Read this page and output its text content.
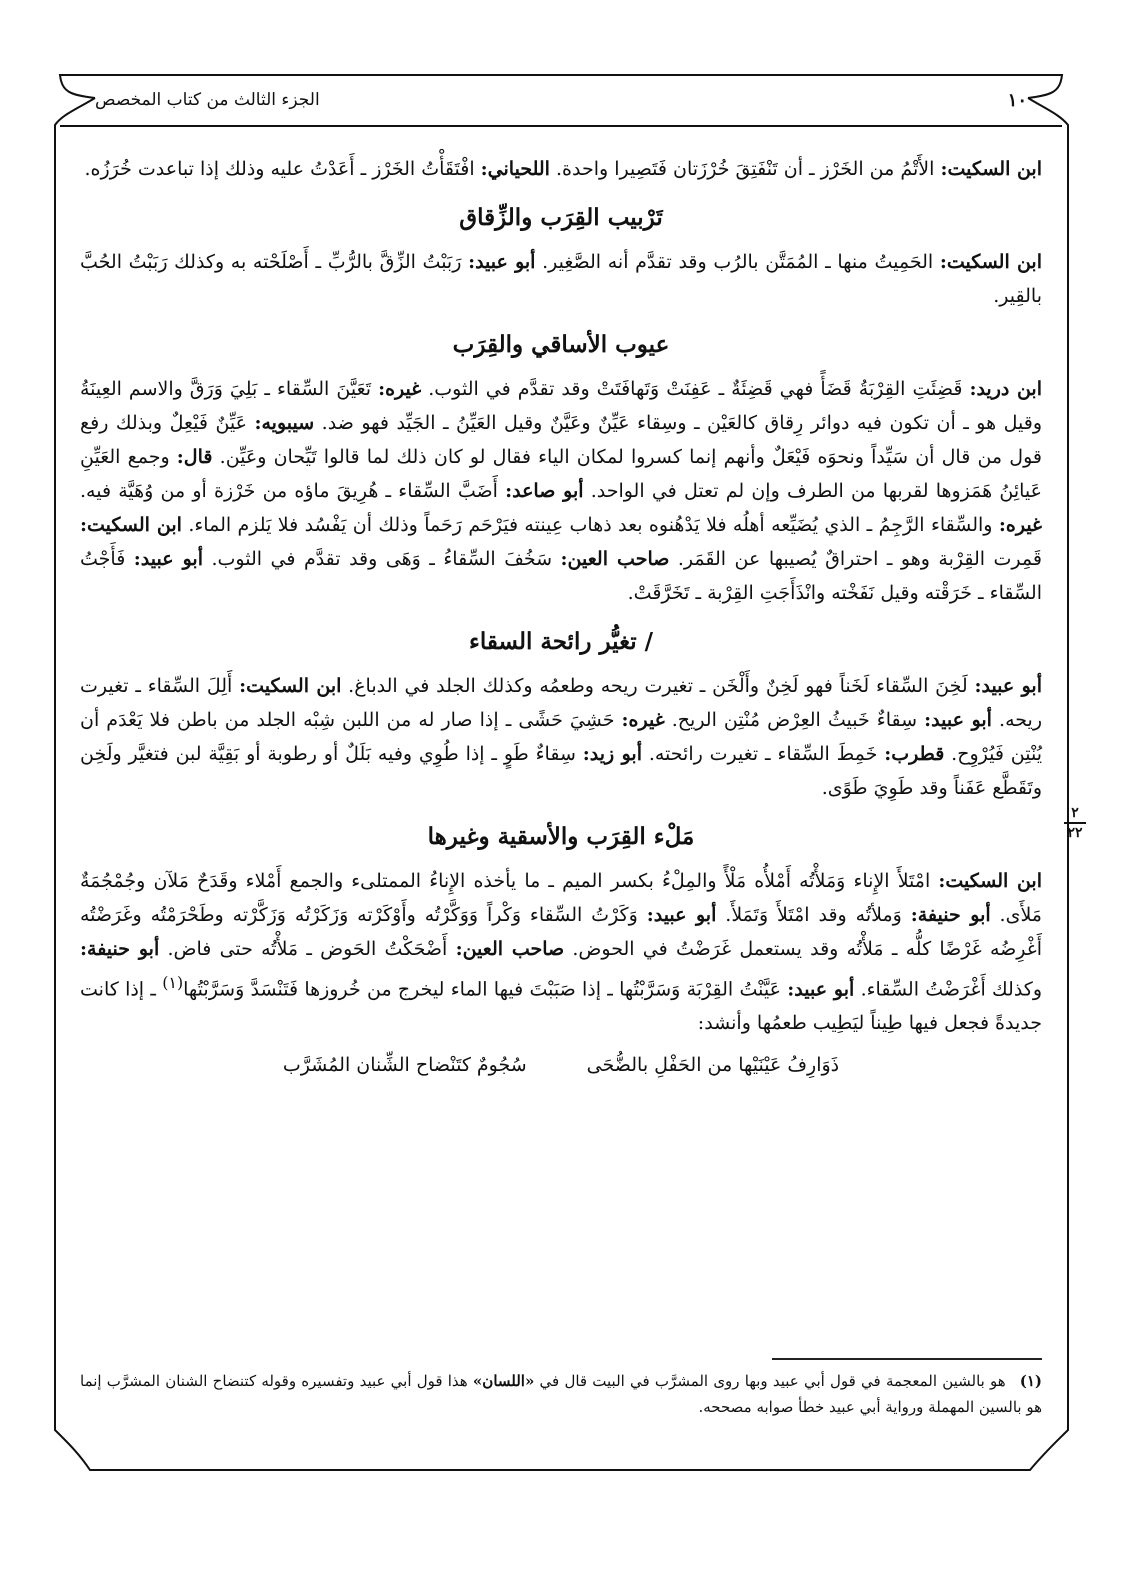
١٠
الجزء الثالث من كتاب المخصص
٢
٢٢

ابن السكيت: الأَتْمُ من الخَرْز ـ أن تَنْفَتِقَ خُرْزَتان فَتَصِيرا واحدة. اللحياني: افْتَقَأْتُ الخَرْز ـ أَعَدْتُ عليه وذلك إذا تباعدت خُرَزُه.

تَرْبيب القِرَب والزِّقاق

ابن السكيت: الحَمِيتُ منها ـ المُمَتَّن بالرُب وقد تقدَّم أنه الصَّغِير. أبو عبيد: رَبَبْتُ الزِّقَّ بالرُّبِّ ـ أَصْلَحْته به وكذلك رَبَبْتُ الحُبَّ بالقِير.

عيوب الأساقي والقِرَب

ابن دريد: قَضِئَتِ القِرْبَةُ قَضَأً فهي قَضِئَةٌ ـ عَفِنَتْ وَتَهافَتَتْ وقد تقدَّم في الثوب. غيره: تَعَيَّنَ السِّقاء ـ بَلِيَ وَرَقَّ والاسم العِينَةُ وقيل هو ـ أن تكون فيه دوائر رِقاق كالعَيْن ـ وسِقاء عَيِّنٌ وعَيَّنٌ وقيل العَيِّنُ ـ الجَيِّد فهو ضد. سيبويه: عَيِّنٌ فَيْعِلٌ وبذلك رفع قول من قال أن سَيِّداً ونحوَه فَيْعَلٌ وأنهم إنما كسروا لمكان الياء فقال لو كان ذلك لما قالوا تَيِّحان وعَيِّن. قال: وجمع العَيِّنِ عَيائِنُ هَمَزوها لقربها من الطرف وإن لم تعتل في الواحد. أبو صاعد: أَضَبَّ السِّقاء ـ هُرِيقَ ماؤه من خَرْزة أو من وُهَيَّة فيه. غيره: والسِّقاء الرَّجِمُ ـ الذي يُضَيِّعه أهلُه فلا يَدْهُنوه بعد ذهاب عِينته فيَرْحَم رَحَماً وذلك أن يَفْسُد فلا يَلزم الماء. ابن السكيت: قَمِرت القِرْبة وهو ـ احتراقٌ يُصيبها عن القَمَر. صاحب العين: سَخُفَ السِّقاءُ ـ وَهَى وقد تقدَّم في الثوب. أبو عبيد: فَأَجْتُ السِّقاء ـ خَرَقْته وقيل نَفَخْته وانْذَأَجَتِ القِرْبة ـ تَخَرَّقَتْ.

/ تغيُّر رائحة السقاء

أبو عبيد: لَخِنَ السِّقاء لَخَناً فهو لَخِنٌ وأَلْخَن ـ تغيرت ريحه وطعمُه وكذلك الجلد في الدباغ. ابن السكيت: أَلِلَ السِّقاء ـ تغيرت ريحه. أبو عبيد: سِقاءٌ خَبيثُ العِرْض مُنْتِن الريح. غيره: حَشِيَ حَشًى ـ إذا صار له من اللبن شِبْه الجلد من باطن فلا يَعْدَم أن يُنْتِن فَيُرْوِح. قطرب: خَمِطَ السِّقاء ـ تغيرت رائحته. أبو زيد: سِقاءٌ طَوٍ ـ إذا طُوِي وفيه بَلَلٌ أو رطوبة أو بَقِيَّة لبن فتغيَّر ولَخِن وتَقَطَّع عَفَناً وقد طَوِيَ طَوًى.

مَلْء القِرَب والأسقية وغيرها

ابن السكيت: امْتَلأَ الإِناء وَمَلأْتُه أَمْلأُه مَلْأً والمِلْءُ بكسر الميم ـ ما يأخذه الإِناءُ الممتلىء والجمع أَمْلاء وقَدَحٌ مَلآن وجُمْجُمَةٌ مَلأَى. أبو حنيفة: وَملأتُه وقد امْتَلأَ وَتَمَلأَ. أبو عبيد: وَكَرْتُ السِّقاء وَكْراً وَوَكَّرْتُه وأَوْكَرْته وَزَكَرْتُه وَزَكَّرْته وطَحْرَمْتُه وغَرَضْتُه أَغْرِضُه غَرْضًا كلُّه ـ مَلأْتُه وقد يستعمل غَرَضْتُ في الحوض. صاحب العين: أَضْحَكْتُ الحَوض ـ مَلأْتُه حتى فاض. أبو حنيفة: وكذلك أَغْرَضْتُ السِّقاء. أبو عبيد: عَيَّنْتُ القِرْبَة وَسَرَّبْتُها ـ إذا صَبَبْتَ فيها الماء ليخرج من خُروزها فَتَنْسَدَّ وَسَرَّبْتُها$^{(١)}$ ـ إذا كانت جديدةً فجعل فيها طِيناً ليَطِيب طعمُها وأنشد:

ذَوَارِفُ عَيْنَيْها من الحَفْلِ بالضُّحَى
سُجُومٌ كتَنْضاح الشِّنان المُشَرَّب
(١)هو بالشين المعجمة في قول أبي عبيد وبها روى المشرَّب في البيت قال في «اللسان» هذا قول أبي عبيد وتفسيره وقوله كتنضاح الشنان المشرَّب إنما هو بالسين المهملة ورواية أبي عبيد خطأ صوابه مصححه.
